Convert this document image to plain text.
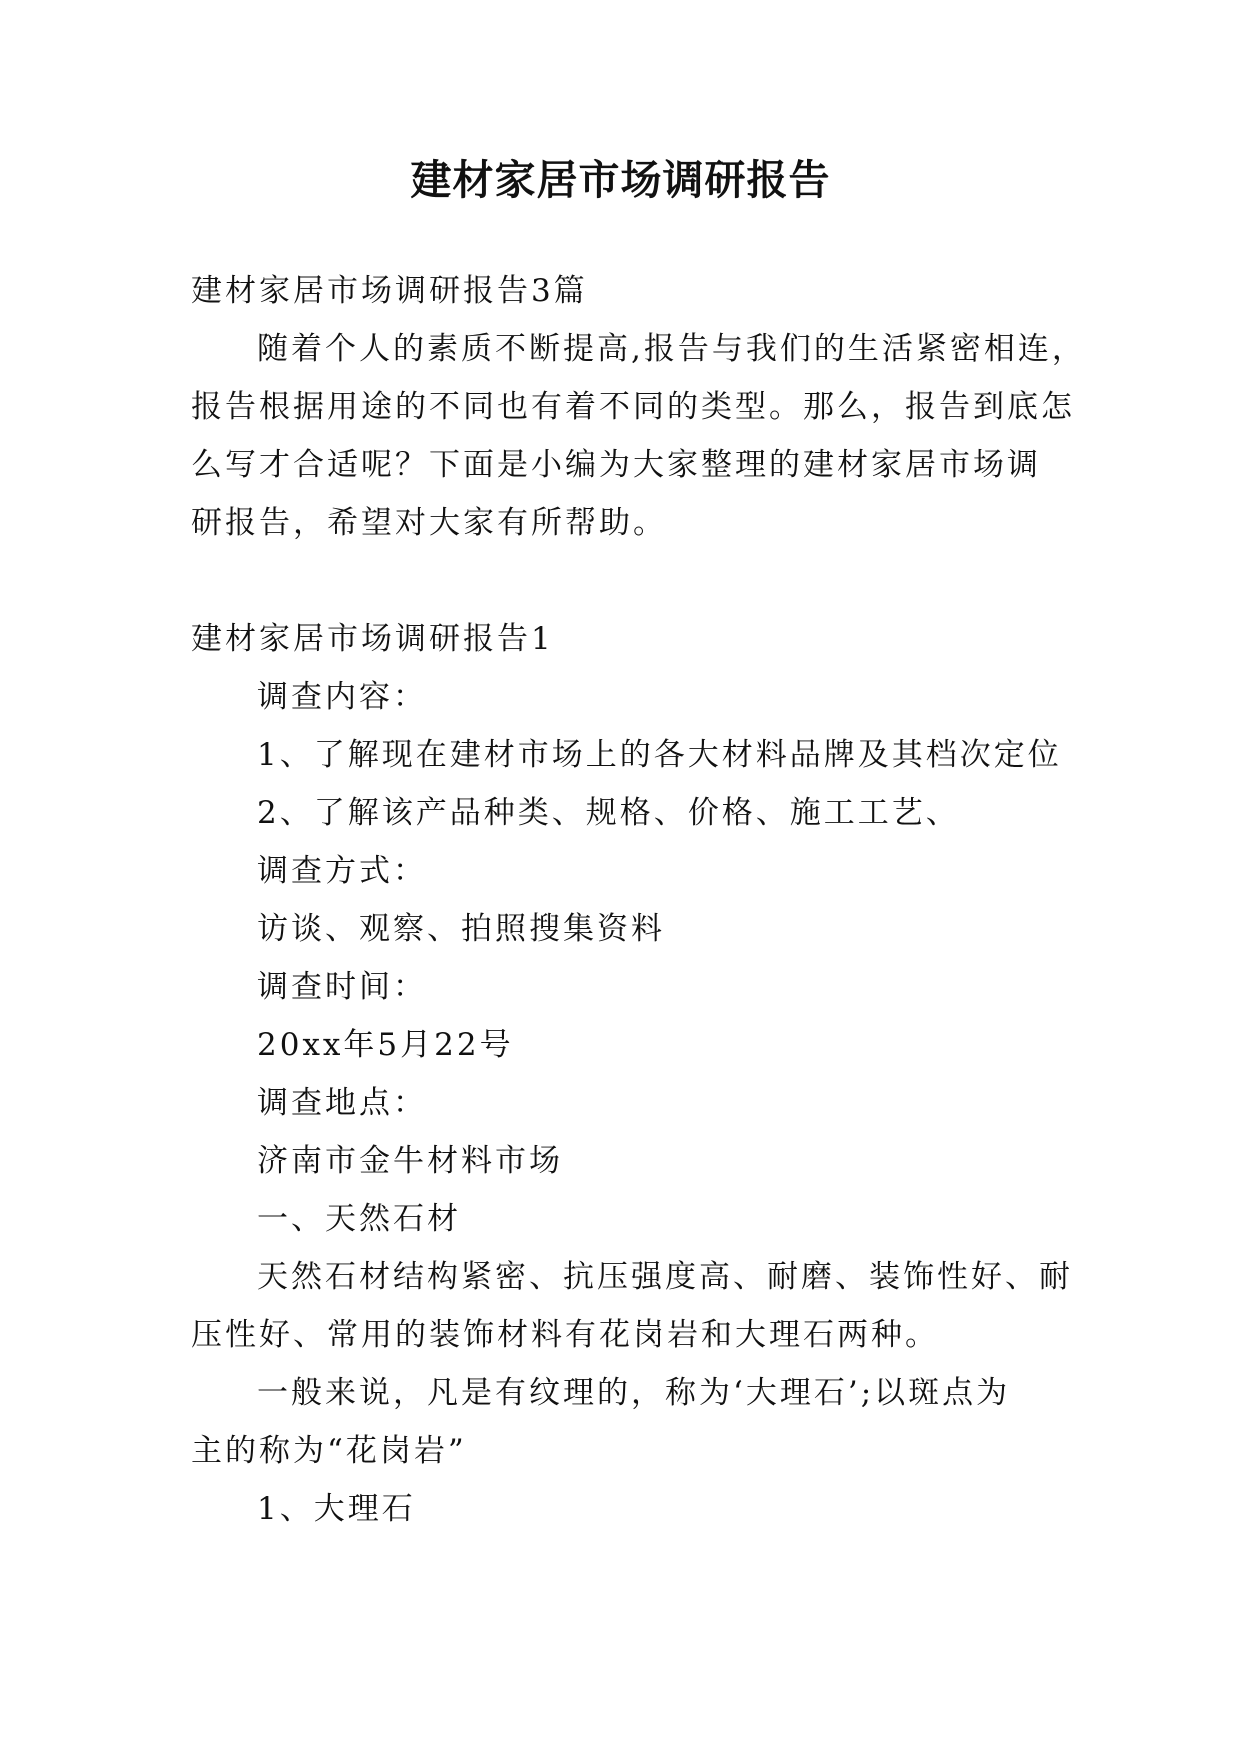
建材家居市场调研报告
建材家居市场调研报告3篇
随着个人的素质不断提高,报告与我们的生活紧密相连，
报告根据用途的不同也有着不同的类型。那么，报告到底怎
么写才合适呢？下面是小编为大家整理的建材家居市场调
研报告，希望对大家有所帮助。
建材家居市场调研报告1
调查内容：
1、了解现在建材市场上的各大材料品牌及其档次定位
2、了解该产品种类、规格、价格、施工工艺、
调查方式：
访谈、观察、拍照搜集资料
调查时间：
20xx年5月22号
调查地点：
济南市金牛材料市场
一、天然石材
天然石材结构紧密、抗压强度高、耐磨、装饰性好、耐
压性好、常用的装饰材料有花岗岩和大理石两种。
一般来说，凡是有纹理的，称为‘大理石’;以斑点为
主的称为“花岗岩”
1、大理石
